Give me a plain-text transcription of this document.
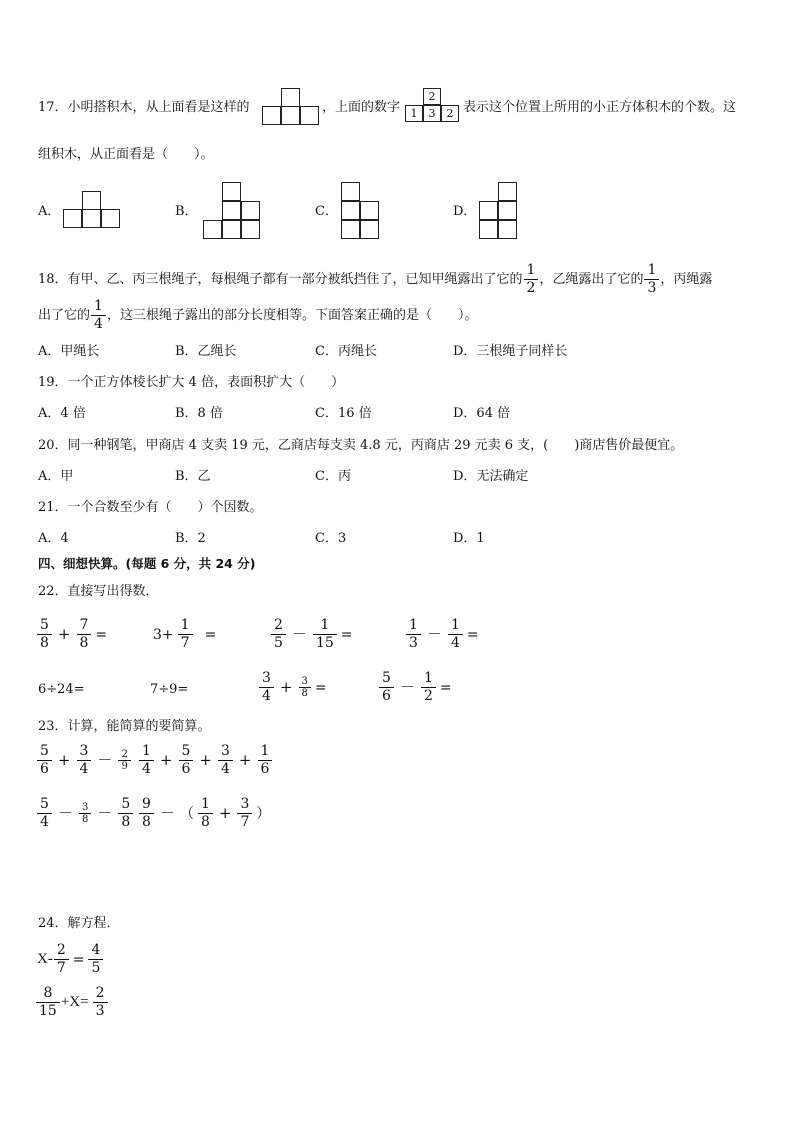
17．小明搭积木，从上面看是这样的	，上面的数字
2
1	3	2 表示这个位置上所用的小正方体积木的个数。这
组积木，从正面看是（　　）。
A．	B．	C．	D．
18．有甲、乙、丙三根绳子，每根绳子都有一部分被纸挡住了，已知甲绳露出了它的 $\frac{1}{2}$ ，乙绳露出了它的 $\frac{1}{3}$ ，丙绳露
出了它的 $\frac{1}{4}$ ，这三根绳子露出的部分长度相等。下面答案正确的是（　　）。
A．甲绳长	B．乙绳长	C．丙绳长	D．三根绳子同样长
19．一个正方体棱长扩大 4 倍，表面积扩大（　　）
A．4 倍	B．8 倍	C．16 倍	D．64 倍
20．同一种钢笔，甲商店 4 支卖 19 元，乙商店每支卖 4.8 元，丙商店 29 元卖 6 支，(　　)商店售价最便宜。
A．甲	B．乙	C．丙	D．无法确定
21．一个合数至少有（　　）个因数。
A．4	B．2	C．3	D．1
四、细想快算。(每题 6 分，共 24 分)
22．直接写出得数．
$\frac{5}{8} + \frac{7}{8}$ =	$3+ \frac{1}{7}$ =	$\frac{2}{5} - \frac{1}{15}$ =	$\frac{1}{3} - \frac{1}{4}$ =
6÷24=	7÷9=	$\frac{3}{4} + \frac{3}{8}$ =	$\frac{5}{6} - \frac{1}{2}$ =
23．计算，能简算的要简算。
$\frac{5}{6} + \frac{3}{4} - \frac{2}{9} \frac{1}{4} + \frac{5}{6} + \frac{3}{4} + \frac{1}{6}$
$\frac{5}{4} - \frac{3}{8} - \frac{5}{8} \frac{9}{8}$ － （ $\frac{1}{8} + \frac{3}{7}$ ）
24．解方程．
$X- \frac{2}{7} = \frac{4}{5}$
$\frac{8}{15} +X= \frac{2}{3}$
